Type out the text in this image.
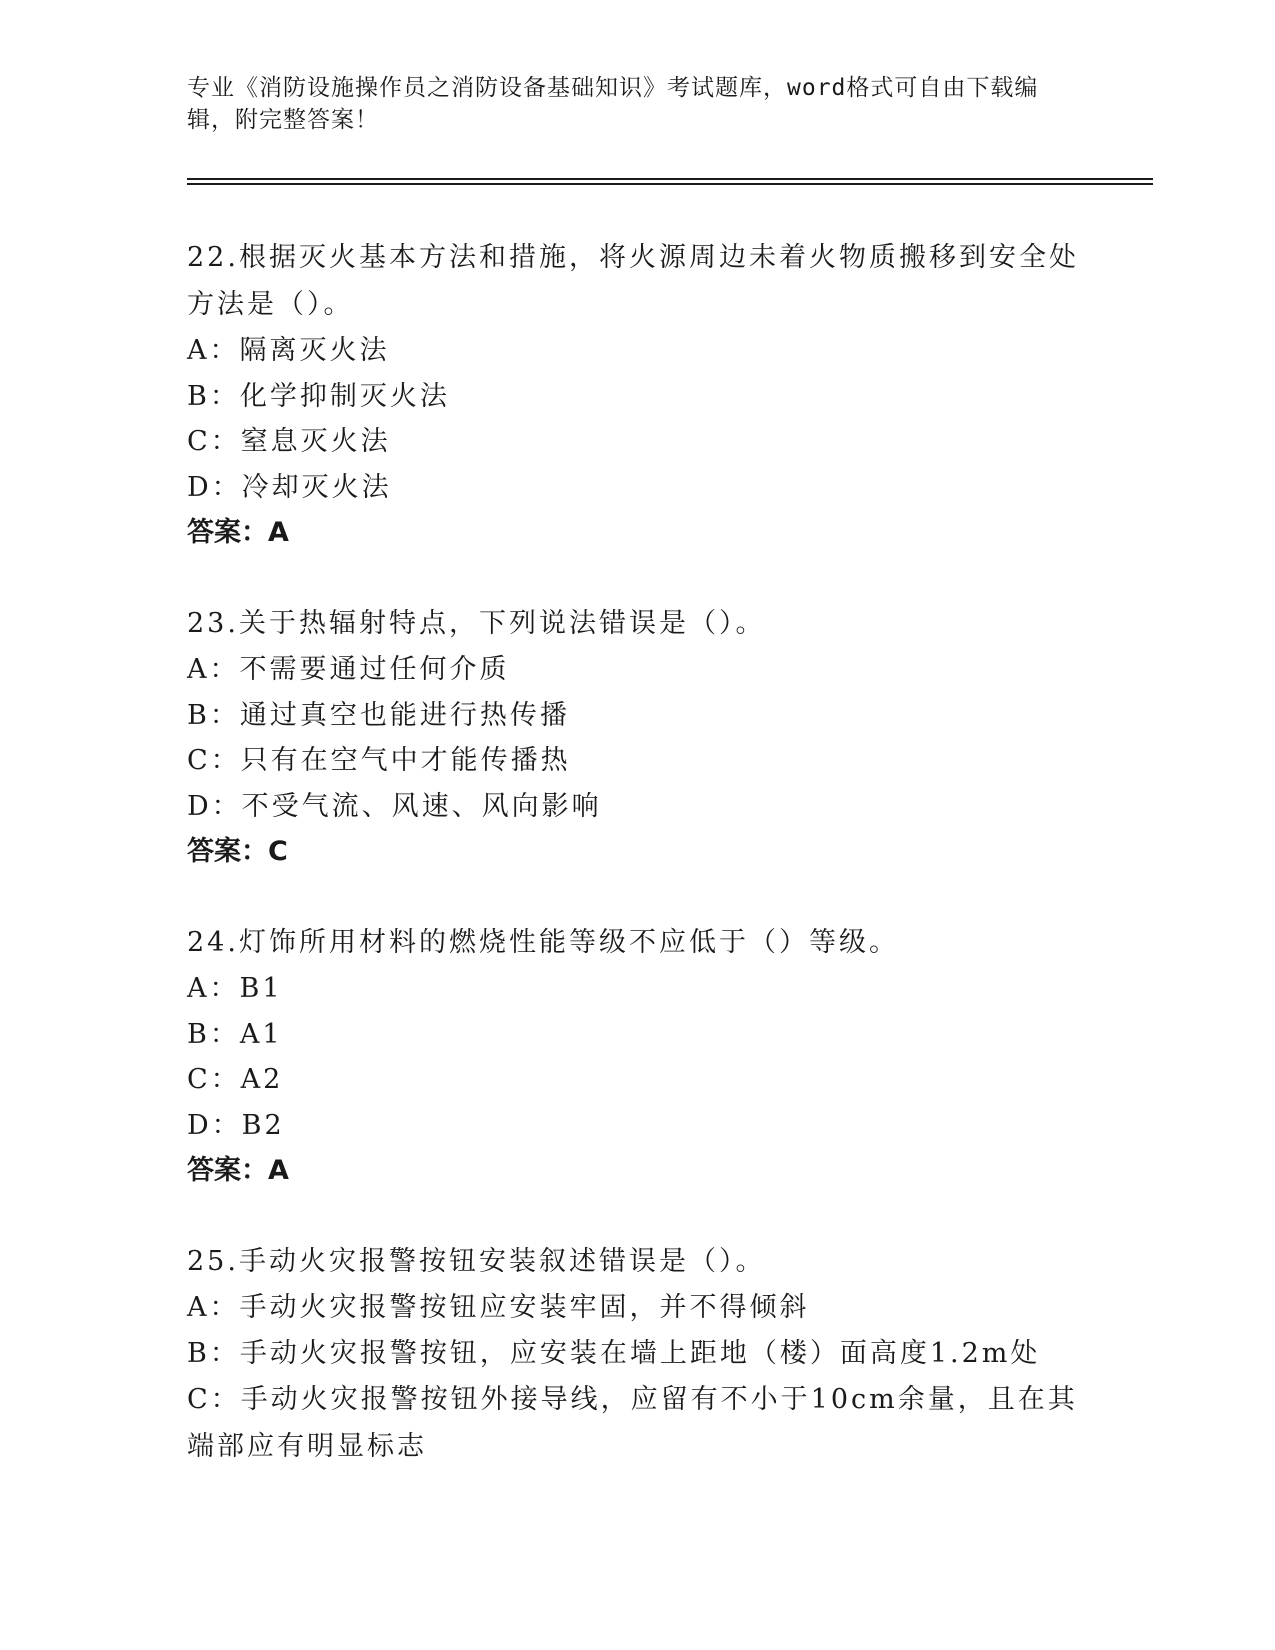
专业《消防设施操作员之消防设备基础知识》考试题库，word格式可自由下载编辑，附完整答案！
22.根据灭火基本方法和措施，将火源周边未着火物质搬移到安全处方法是（）。
A：隔离灭火法
B：化学抑制灭火法
C：窒息灭火法
D：冷却灭火法
答案：A
23.关于热辐射特点，下列说法错误是（）。
A：不需要通过任何介质
B：通过真空也能进行热传播
C：只有在空气中才能传播热
D：不受气流、风速、风向影响
答案：C
24.灯饰所用材料的燃烧性能等级不应低于（）等级。
A：B1
B：A1
C：A2
D：B2
答案：A
25.手动火灾报警按钮安装叙述错误是（）。
A：手动火灾报警按钮应安装牢固，并不得倾斜
B：手动火灾报警按钮，应安装在墙上距地（楼）面高度1.2m处
C：手动火灾报警按钮外接导线，应留有不小于10cm余量，且在其端部应有明显标志
